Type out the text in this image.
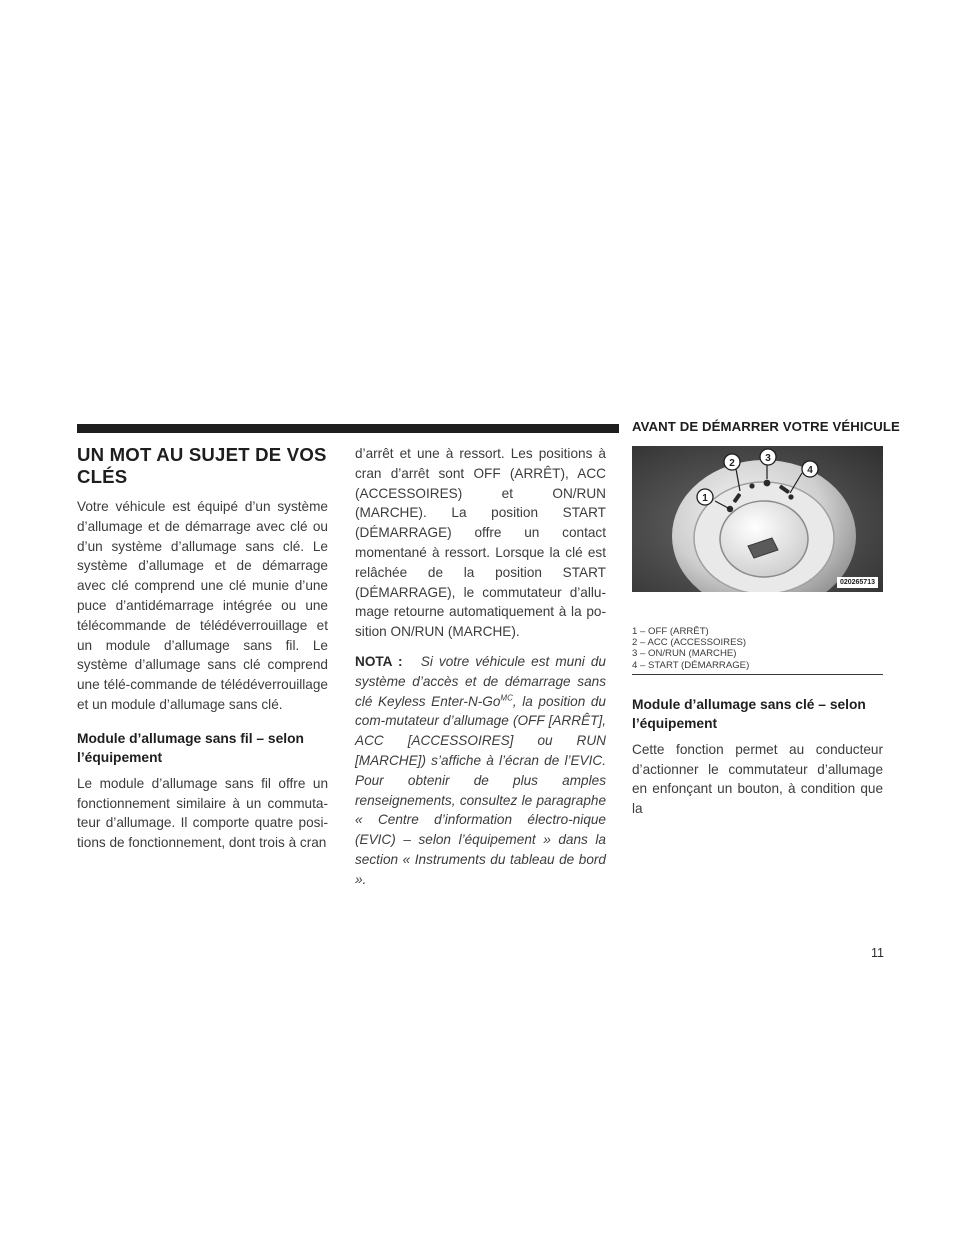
AVANT DE DÉMARRER VOTRE VÉHICULE
UN MOT AU SUJET DE VOS CLÉS

Votre véhicule est équipé d’un système d’allumage et de démarrage avec clé ou d’un système d’allumage sans clé. Le système d’allumage et de démarrage avec clé comprend une clé munie d’une puce d’antidémarrage intégrée ou une télécommande de télédéverrouillage et un module d’allumage sans fil. Le système d’allumage sans clé comprend une télé-commande de télédéverrouillage et un module d’allumage sans clé.

Module d’allumage sans fil – selon l’équipement

Le module d’allumage sans fil offre un fonctionnement similaire à un commuta-teur d’allumage. Il comporte quatre posi-tions de fonctionnement, dont trois à cran

d’arrêt et une à ressort. Les positions à cran d’arrêt sont OFF (ARRÊT), ACC (ACCESSOIRES) et ON/RUN (MARCHE). La position START (DÉMARRAGE) offre un contact momentané à ressort. Lorsque la clé est relâchée de la position START (DÉMARRAGE), le commutateur d’allu-mage retourne automatiquement à la po-sition ON/RUN (MARCHE).

NOTA : Si votre véhicule est muni du système d’accès et de démarrage sans clé Keyless Enter-$N-Go^{MC}$, la position du com-mutateur d’allumage (OFF [ARRÊT], ACC [ACCESSOIRES] ou RUN [MARCHE]) s’affiche à l’écran de l’EVIC. Pour obtenir de plus amples renseignements, consultez le paragraphe « Centre d’information électro-nique (EVIC) – selon l’équipement » dans la section « Instruments du tableau de bord ».

1
2	3
4
020265713
1 – OFF (ARRÊT)
2 – ACC (ACCESSOIRES)
3 – ON/RUN (MARCHE)
4 – START (DÉMARRAGE)
Module d’allumage sans clé – selon l’équipement

Cette fonction permet au conducteur d’actionner le commutateur d’allumage en enfonçant un bouton, à condition que la

11
